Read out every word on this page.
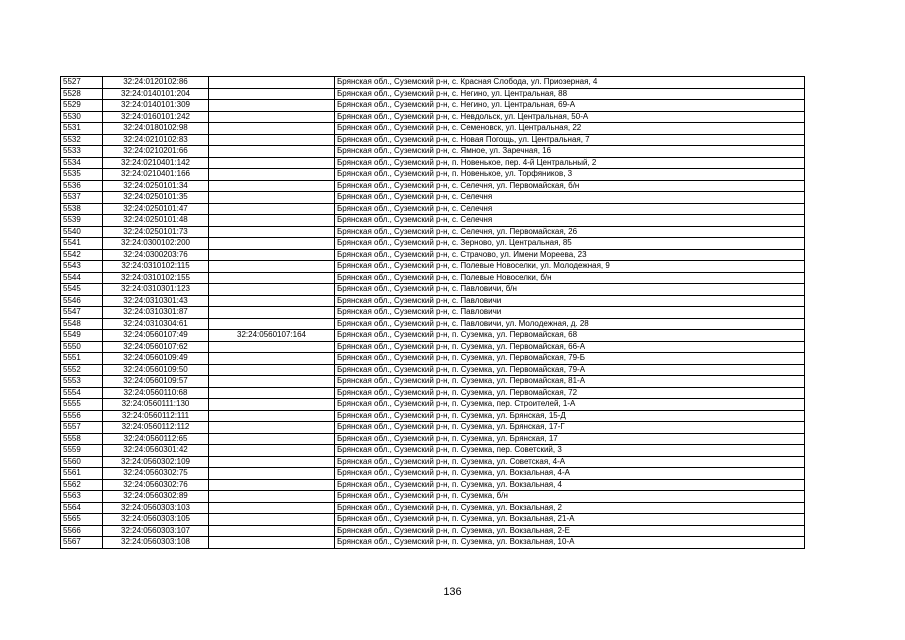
5527	32:24:0120102:86		Брянская обл., Суземский р-н, с. Красная Слобода, ул. Приозерная, 4
5528	32:24:0140101:204		Брянская обл., Суземский р-н, с. Негино, ул. Центральная, 88
5529	32:24:0140101:309		Брянская обл., Суземский р-н, с. Негино, ул. Центральная, 69-А
5530	32:24:0160101:242		Брянская обл., Суземский р-н, с. Невдольск, ул. Центральная, 50-А
5531	32:24:0180102:98		Брянская обл., Суземский р-н, с. Семеновск, ул. Центральная, 22
5532	32:24:0210102:83		Брянская обл., Суземский р-н, с. Новая Погощь, ул. Центральная, 7
5533	32:24:0210201:66		Брянская обл., Суземский р-н, с. Ямное, ул. Заречная, 16
5534	32:24:0210401:142		Брянская обл., Суземский р-н, п. Новенькое, пер. 4-й Центральный, 2
5535	32:24:0210401:166		Брянская обл., Суземский р-н, п. Новенькое, ул. Торфяников, 3
5536	32:24:0250101:34		Брянская обл., Суземский р-н, с. Селечня, ул. Первомайская, б/н
5537	32:24:0250101:35		Брянская обл., Суземский р-н, с. Селечня
5538	32:24:0250101:47		Брянская обл., Суземский р-н, с. Селечня
5539	32:24:0250101:48		Брянская обл., Суземский р-н, с. Селечня
5540	32:24:0250101:73		Брянская обл., Суземский р-н, с. Селечня, ул. Первомайская, 26
5541	32:24:0300102:200		Брянская обл., Суземский р-н, с. Зерново, ул. Центральная, 85
5542	32:24:0300203:76		Брянская обл., Суземский р-н, с. Страчово, ул. Имени Мореева, 23
5543	32:24:0310102:115		Брянская обл., Суземский р-н, с. Полевые Новоселки, ул. Молодежная, 9
5544	32:24:0310102:155		Брянская обл., Суземский р-н, с. Полевые Новоселки, б/н
5545	32:24:0310301:123		Брянская обл., Суземский р-н, с. Павловичи, б/н
5546	32:24:0310301:43		Брянская обл., Суземский р-н, с. Павловичи
5547	32:24:0310301:87		Брянская обл., Суземский р-н, с. Павловичи
5548	32:24:0310304:61		Брянская обл., Суземский р-н, с. Павловичи, ул. Молодежная, д. 28
5549	32:24:0560107:49	32:24:0560107:164	Брянская обл., Суземский р-н, п. Суземка, ул. Первомайская, 68
5550	32:24:0560107:62		Брянская обл., Суземский р-н, п. Суземка, ул. Первомайская, 66-А
5551	32:24:0560109:49		Брянская обл., Суземский р-н, п. Суземка, ул. Первомайская, 79-Б
5552	32:24:0560109:50		Брянская обл., Суземский р-н, п. Суземка, ул. Первомайская, 79-А
5553	32:24:0560109:57		Брянская обл., Суземский р-н, п. Суземка, ул. Первомайская, 81-А
5554	32:24:0560110:68		Брянская обл., Суземский р-н, п. Суземка, ул. Первомайская, 72
5555	32:24:0560111:130		Брянская обл., Суземский р-н, п. Суземка, пер. Строителей, 1-А
5556	32:24:0560112:111		Брянская обл., Суземский р-н, п. Суземка, ул. Брянская, 15-Д
5557	32:24:0560112:112		Брянская обл., Суземский р-н, п. Суземка, ул. Брянская, 17-Г
5558	32:24:0560112:65		Брянская обл., Суземский р-н, п. Суземка, ул. Брянская, 17
5559	32:24:0560301:42		Брянская обл., Суземский р-н, п. Суземка, пер. Советский, 3
5560	32:24:0560302:109		Брянская обл., Суземский р-н, п. Суземка, ул. Советская, 4-А
5561	32:24:0560302:75		Брянская обл., Суземский р-н, п. Суземка, ул. Вокзальная, 4-А
5562	32:24:0560302:76		Брянская обл., Суземский р-н, п. Суземка, ул. Вокзальная, 4
5563	32:24:0560302:89		Брянская обл., Суземский р-н, п. Суземка, б/н
5564	32:24:0560303:103		Брянская обл., Суземский р-н, п. Суземка, ул. Вокзальная, 2
5565	32:24:0560303:105		Брянская обл., Суземский р-н, п. Суземка, ул. Вокзальная, 21-А
5566	32:24:0560303:107		Брянская обл., Суземский р-н, п. Суземка, ул. Вокзальная, 2-Е
5567	32:24:0560303:108		Брянская обл., Суземский р-н, п. Суземка, ул. Вокзальная, 10-А
136
